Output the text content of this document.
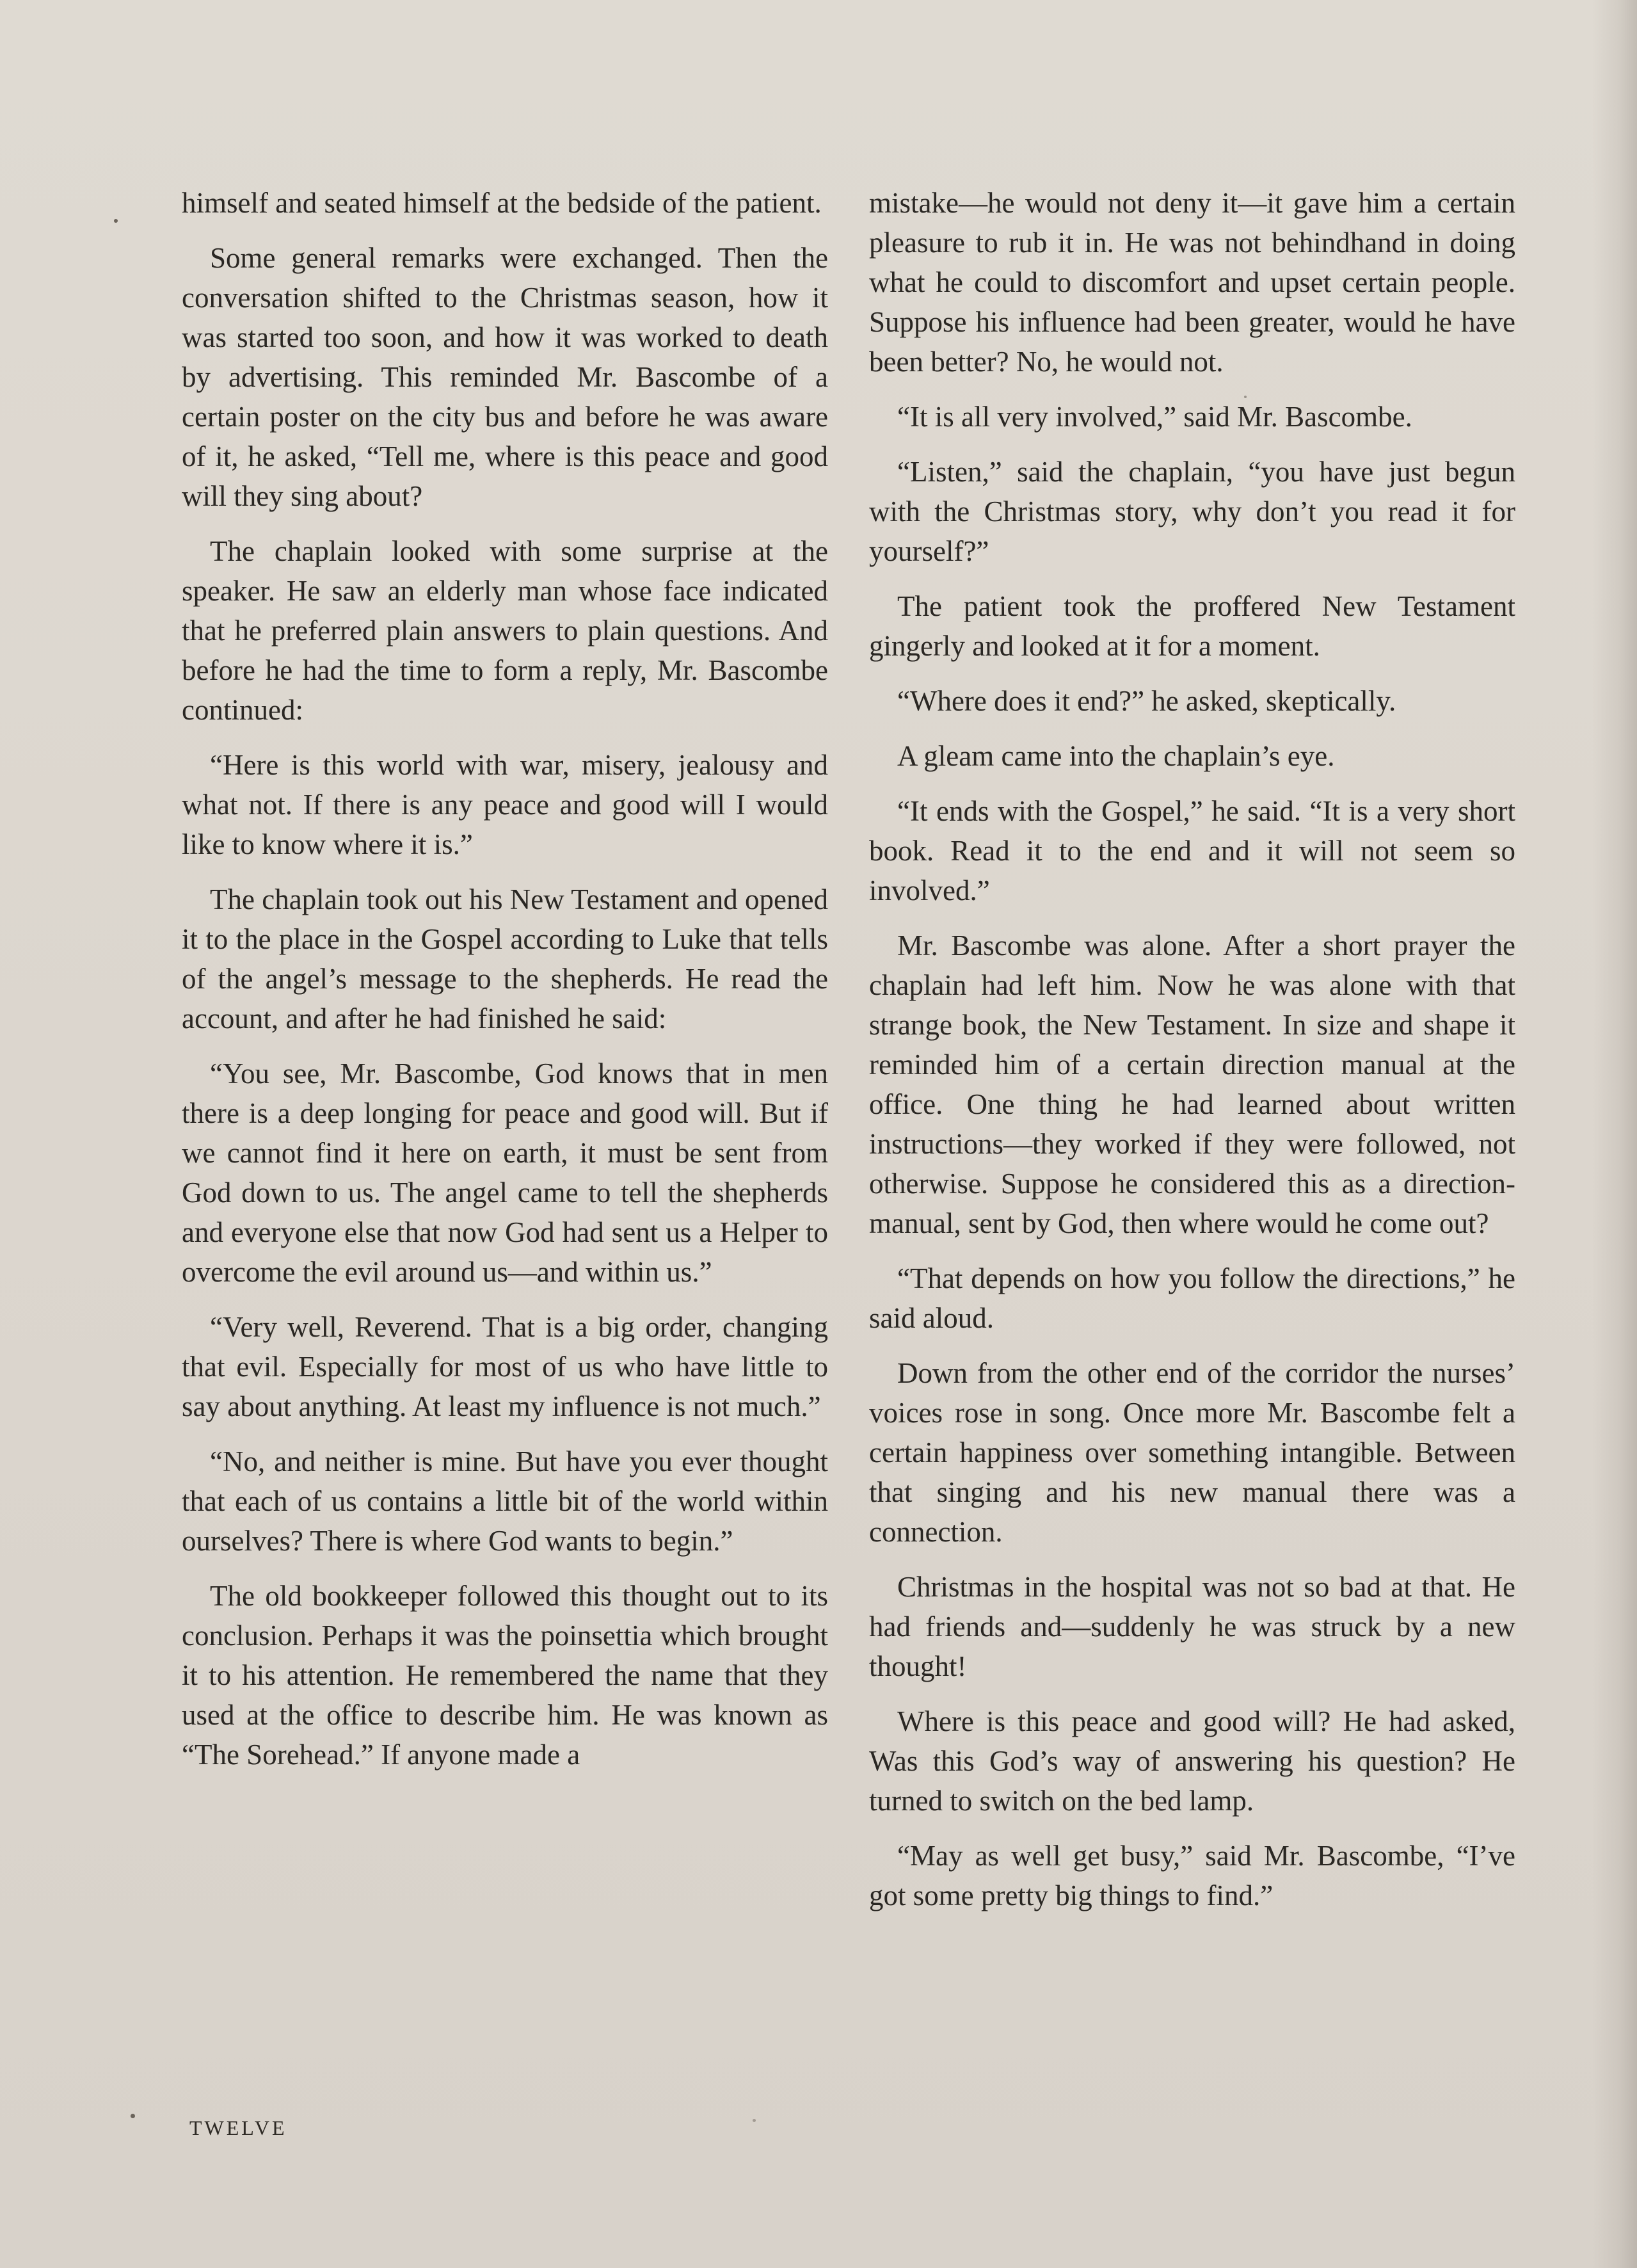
himself and seated himself at the bedside of the patient.

Some general remarks were exchanged. Then the conversation shifted to the Christmas season, how it was started too soon, and how it was worked to death by advertising. This reminded Mr. Bascombe of a certain poster on the city bus and before he was aware of it, he asked, “Tell me, where is this peace and good will they sing about?

The chaplain looked with some surprise at the speaker. He saw an elderly man whose face indicated that he preferred plain answers to plain questions. And before he had the time to form a reply, Mr. Bascombe continued:

“Here is this world with war, misery, jealousy and what not. If there is any peace and good will I would like to know where it is.”

The chaplain took out his New Testament and opened it to the place in the Gospel according to Luke that tells of the angel’s message to the shepherds. He read the account, and after he had finished he said:

“You see, Mr. Bascombe, God knows that in men there is a deep longing for peace and good will. But if we cannot find it here on earth, it must be sent from God down to us. The angel came to tell the shepherds and everyone else that now God had sent us a Helper to overcome the evil around us—and within us.”

“Very well, Reverend. That is a big order, changing that evil. Especially for most of us who have little to say about anything. At least my influence is not much.”

“No, and neither is mine. But have you ever thought that each of us contains a little bit of the world within ourselves? There is where God wants to begin.”

The old bookkeeper followed this thought out to its conclusion. Perhaps it was the poinsettia which brought it to his attention. He remembered the name that they used at the office to describe him. He was known as “The Sorehead.” If anyone made a

mistake—he would not deny it—it gave him a certain pleasure to rub it in. He was not behindhand in doing what he could to discomfort and upset certain people. Suppose his influence had been greater, would he have been better? No, he would not.

“It is all very involved,” said Mr. Bascombe.

“Listen,” said the chaplain, “you have just begun with the Christmas story, why don’t you read it for yourself?”

The patient took the proffered New Testament gingerly and looked at it for a moment.

“Where does it end?” he asked, skeptically.

A gleam came into the chaplain’s eye.

“It ends with the Gospel,” he said. “It is a very short book. Read it to the end and it will not seem so involved.”

Mr. Bascombe was alone. After a short prayer the chaplain had left him. Now he was alone with that strange book, the New Testament. In size and shape it reminded him of a certain direction manual at the office. One thing he had learned about written instructions—they worked if they were followed, not otherwise. Suppose he considered this as a direction-manual, sent by God, then where would he come out?

“That depends on how you follow the directions,” he said aloud.

Down from the other end of the corridor the nurses’ voices rose in song. Once more Mr. Bascombe felt a certain happiness over something intangible. Between that singing and his new manual there was a connection.

Christmas in the hospital was not so bad at that. He had friends and—suddenly he was struck by a new thought!

Where is this peace and good will? He had asked, Was this God’s way of answering his question? He turned to switch on the bed lamp.

“May as well get busy,” said Mr. Bascombe, “I’ve got some pretty big things to find.”

TWELVE
